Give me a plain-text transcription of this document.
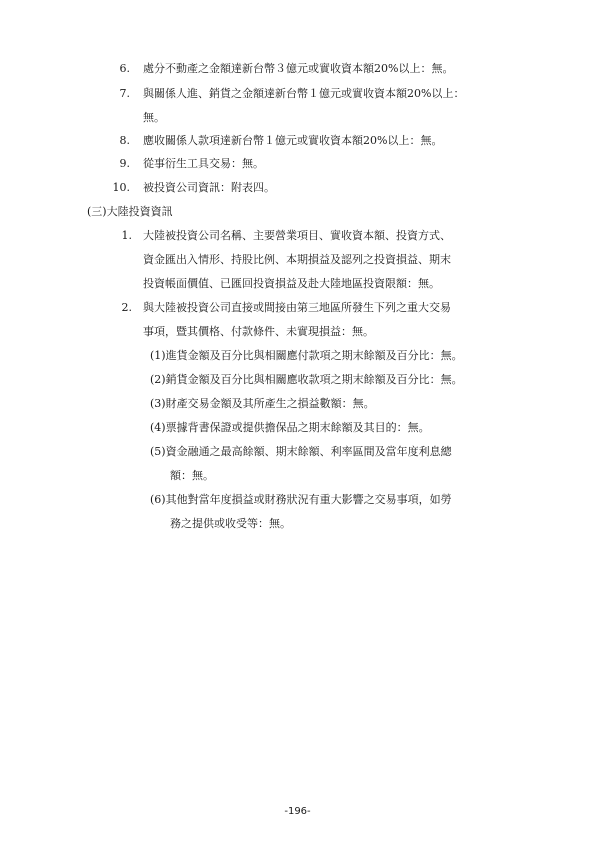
6. 處分不動產之金額達新台幣３億元或實收資本額20%以上：無。
7. 與關係人進、銷貨之金額達新台幣１億元或實收資本額20%以上：
無。
8. 應收關係人款項達新台幣１億元或實收資本額20%以上：無。
9. 從事衍生工具交易：無。
10. 被投資公司資訊：附表四。
(三)大陸投資資訊
1. 大陸被投資公司名稱、主要營業項目、實收資本額、投資方式、
資金匯出入情形、持股比例、本期損益及認列之投資損益、期末
投資帳面價值、已匯回投資損益及赴大陸地區投資限額：無。
2. 與大陸被投資公司直接或間接由第三地區所發生下列之重大交易
事項，暨其價格、付款條件、未實現損益：無。
(1)進貨金額及百分比與相關應付款項之期末餘額及百分比：無。
(2)銷貨金額及百分比與相關應收款項之期末餘額及百分比：無。
(3)財產交易金額及其所產生之損益數額：無。
(4)票據背書保證或提供擔保品之期末餘額及其目的：無。
(5)資金融通之最高餘額、期末餘額、利率區間及當年度利息總
額：無。
(6)其他對當年度損益或財務狀況有重大影響之交易事項，如勞
務之提供或收受等：無。
-196-
